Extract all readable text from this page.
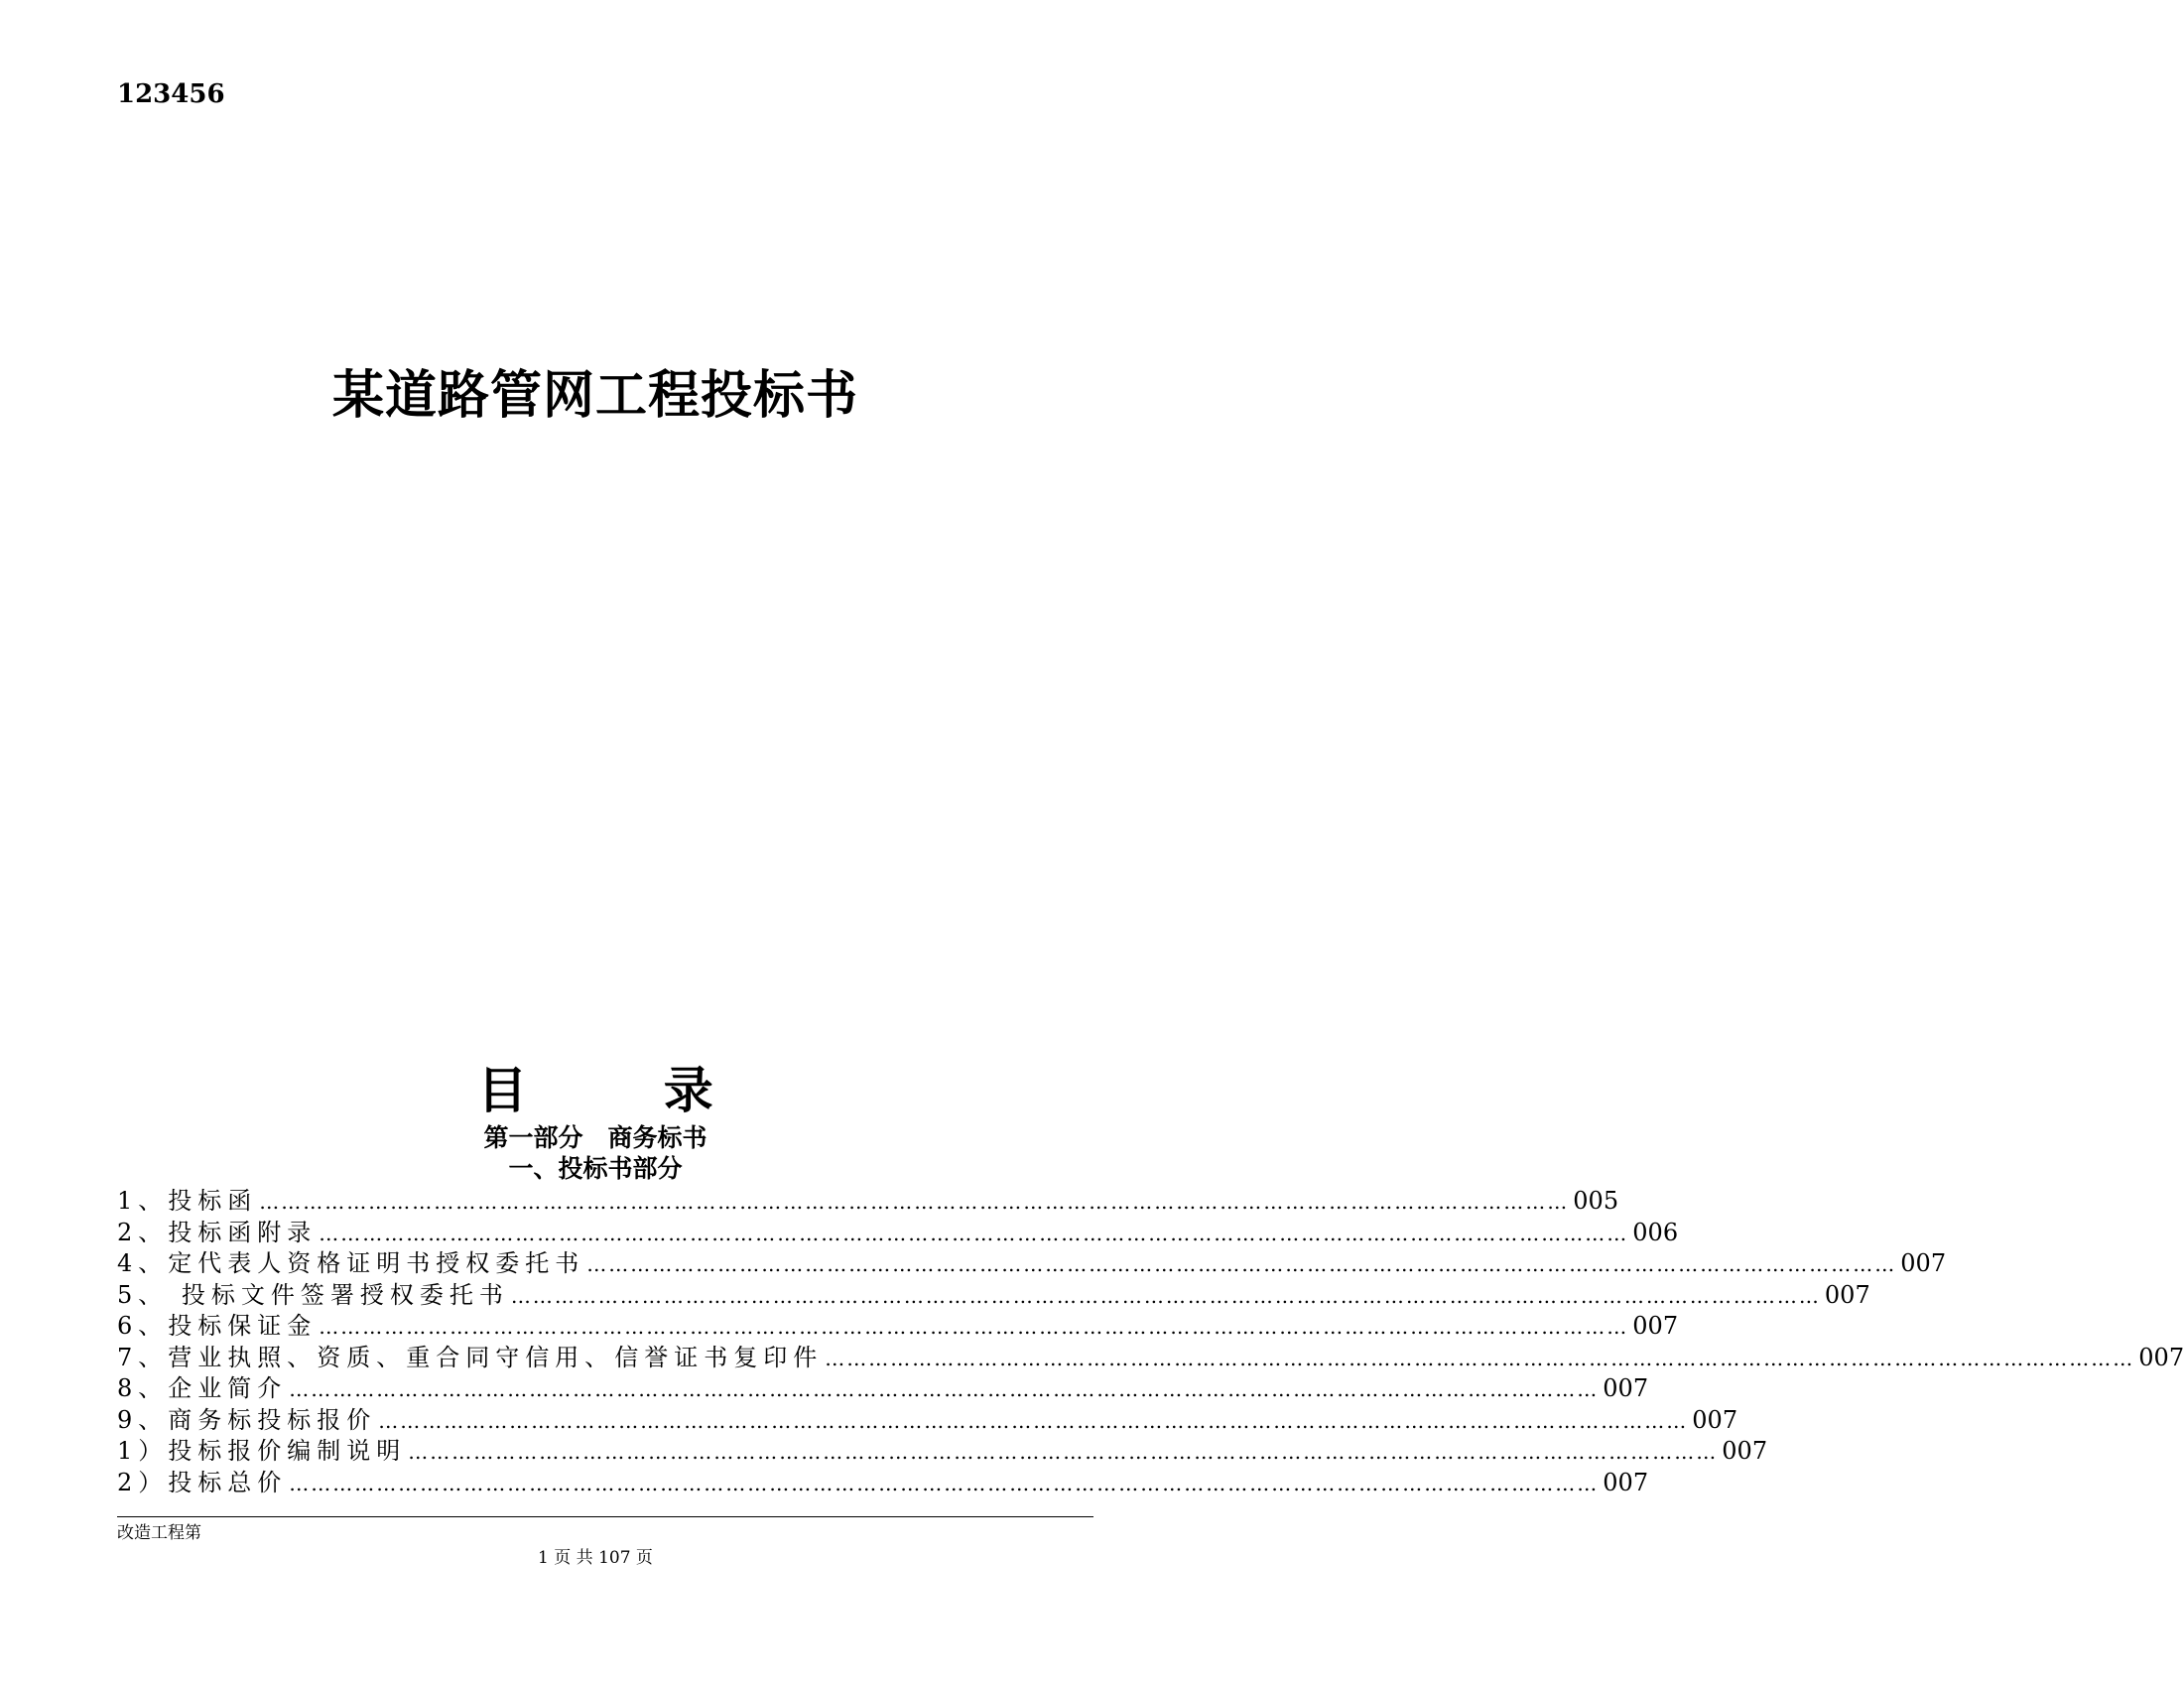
123456
某道路管网工程投标书
目 录
第一部分　商务标书
一、投标书部分
1、投标函 ……………………………………………………………………………………………………………………………………………………………… 005
2、投标函附录 ……………………………………………………………………………………………………………………………………………………………… 006
4、定代表人资格证明书授权委托书 ……………………………………………………………………………………………………………………………………………………………… 007
5、 投标文件签署授权委托书 ……………………………………………………………………………………………………………………………………………………………… 007
6、投标保证金 ……………………………………………………………………………………………………………………………………………………………… 007
7、营业执照、资质、重合同守信用、信誉证书复印件 ……………………………………………………………………………………………………………………………………………………………… 007
8、企业简介 ……………………………………………………………………………………………………………………………………………………………… 007
9、商务标投标报价 ……………………………………………………………………………………………………………………………………………………………… 007
1）投标报价编制说明 ……………………………………………………………………………………………………………………………………………………………… 007
2）投标总价 ……………………………………………………………………………………………………………………………………………………………… 007
改造工程第
1 页 共 107 页
